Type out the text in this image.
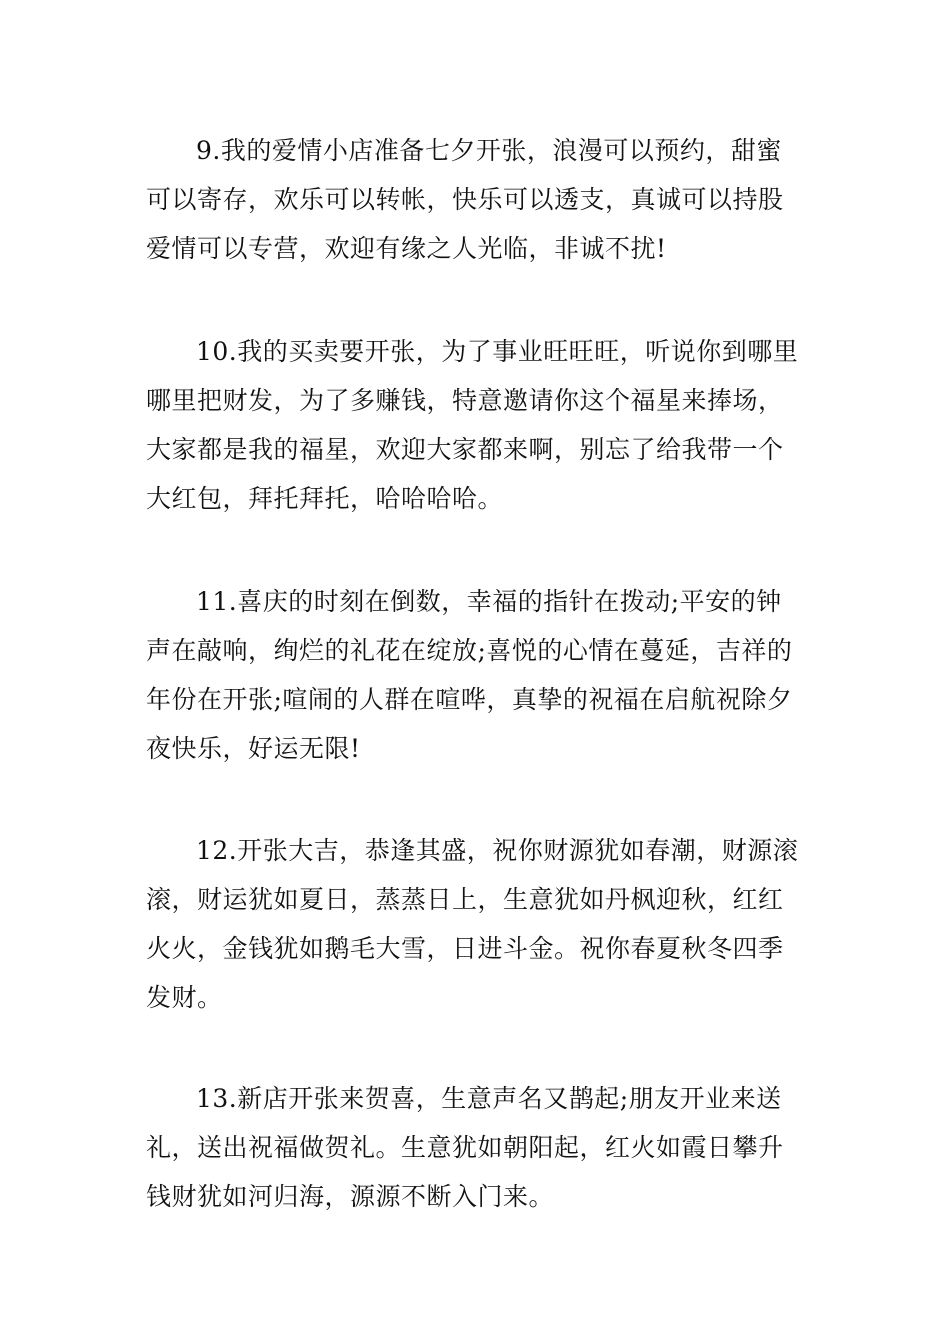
9.我的爱情小店准备七夕开张，浪漫可以预约，甜蜜
可以寄存，欢乐可以转帐，快乐可以透支，真诚可以持股
爱情可以专营，欢迎有缘之人光临，非诚不扰!

10.我的买卖要开张，为了事业旺旺旺，听说你到哪里
哪里把财发，为了多赚钱，特意邀请你这个福星来捧场，
大家都是我的福星，欢迎大家都来啊，别忘了给我带一个
大红包，拜托拜托，哈哈哈哈。

11.喜庆的时刻在倒数，幸福的指针在拨动;平安的钟
声在敲响，绚烂的礼花在绽放;喜悦的心情在蔓延，吉祥的
年份在开张;喧闹的人群在喧哗，真挚的祝福在启航祝除夕
夜快乐，好运无限!

12.开张大吉，恭逢其盛，祝你财源犹如春潮，财源滚
滚，财运犹如夏日，蒸蒸日上，生意犹如丹枫迎秋，红红
火火，金钱犹如鹅毛大雪，日进斗金。祝你春夏秋冬四季
发财。

13.新店开张来贺喜，生意声名又鹊起;朋友开业来送
礼，送出祝福做贺礼。生意犹如朝阳起，红火如霞日攀升
钱财犹如河归海，源源不断入门来。
